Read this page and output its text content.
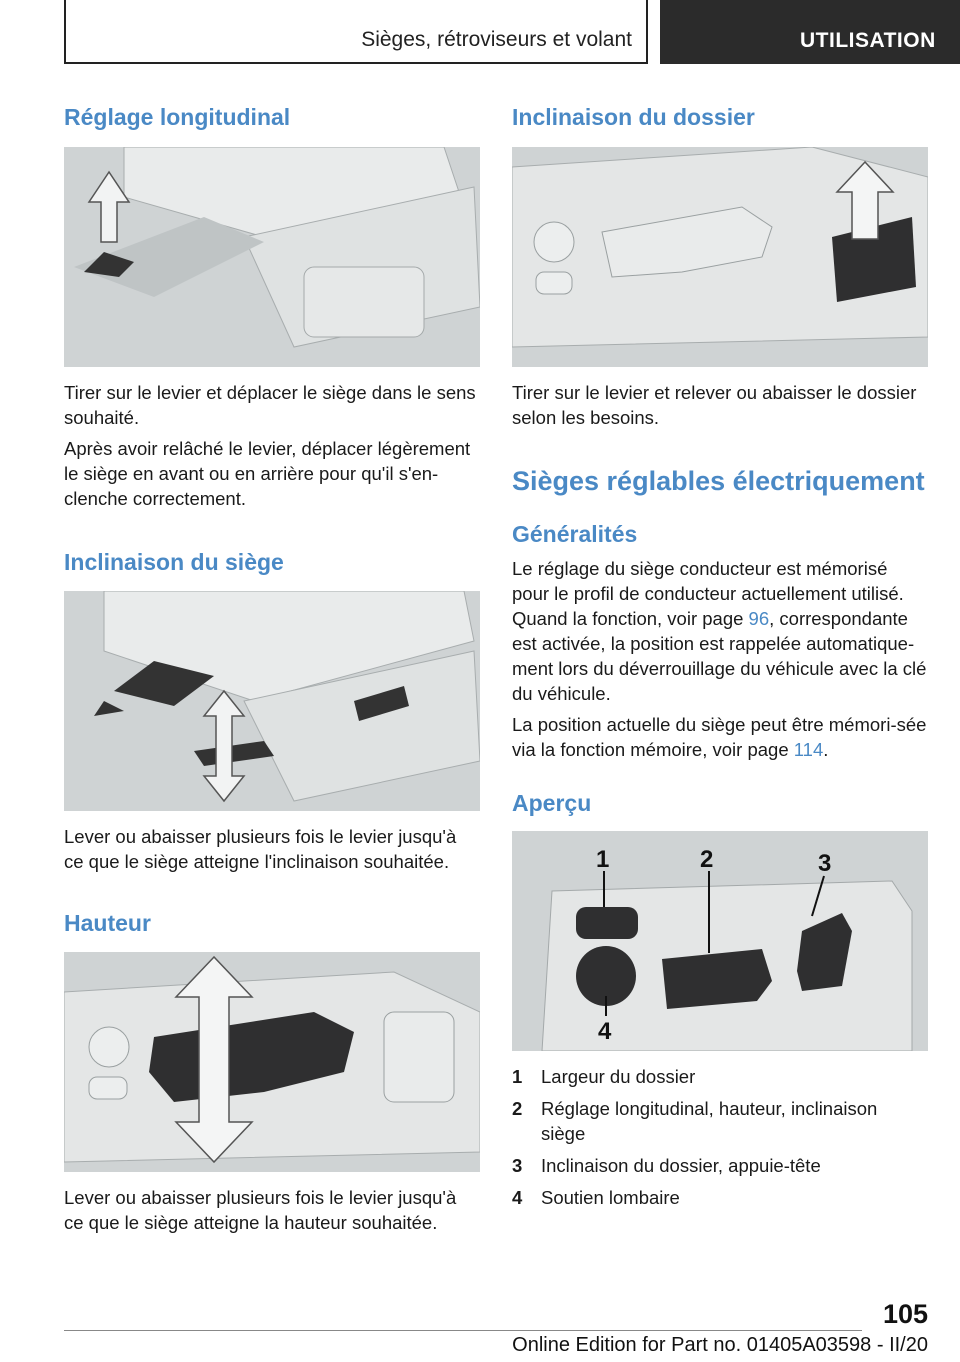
Sièges, rétroviseurs et volant	UTILISATION
Réglage longitudinal

Tirer sur le levier et déplacer le siège dans le sens souhaité.

Après avoir relâché le levier, déplacer légèrement le siège en avant ou en arrière pour qu'il s'en-clenche correctement.

Inclinaison du siège

Lever ou abaisser plusieurs fois le levier jusqu'à ce que le siège atteigne l'inclinaison souhaitée.

Hauteur

Lever ou abaisser plusieurs fois le levier jusqu'à ce que le siège atteigne la hauteur souhaitée.

Inclinaison du dossier

Tirer sur le levier et relever ou abaisser le dossier selon les besoins.

Sièges réglables électriquement
Généralités

Le réglage du siège conducteur est mémorisé pour le profil de conducteur actuellement utilisé. Quand la fonction, voir page 96, correspondante est activée, la position est rappelée automatique-ment lors du déverrouillage du véhicule avec la clé du véhicule.

La position actuelle du siège peut être mémori-sée via la fonction mémoire, voir page 114.

Aperçu
1	2	3
4
1 Largeur du dossier
2 Réglage longitudinal, hauteur, inclinaison siège
3 Inclinaison du dossier, appuie-tête
4 Soutien lombaire
105
Online Edition for Part no. 01405A03598 - II/20
